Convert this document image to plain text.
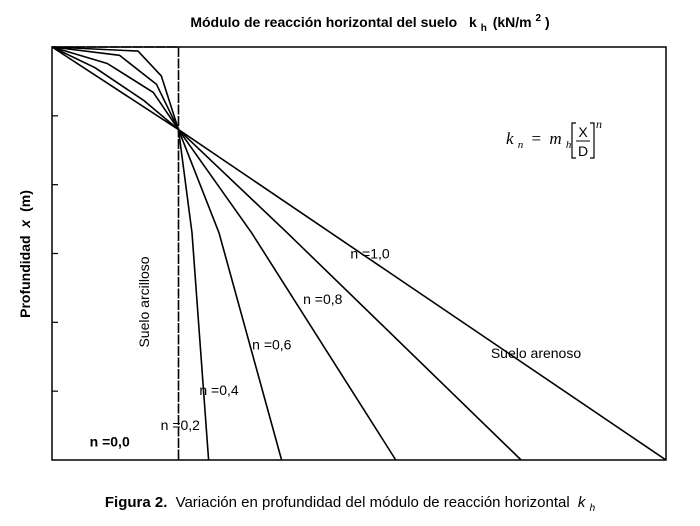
Módulo de reacción horizontal del suelo k $_h$ (kN/m $^2$ )
Profundidad x (m)
n =0,0
n =0,2
n =0,4
n =0,6
n =0,8
n =1,0
Suelo arcilloso
Suelo arenoso
k $_n$ = m $_h$
X
D
n
Figura 2. Variación en profundidad del módulo de reacción horizontal k $_h$
